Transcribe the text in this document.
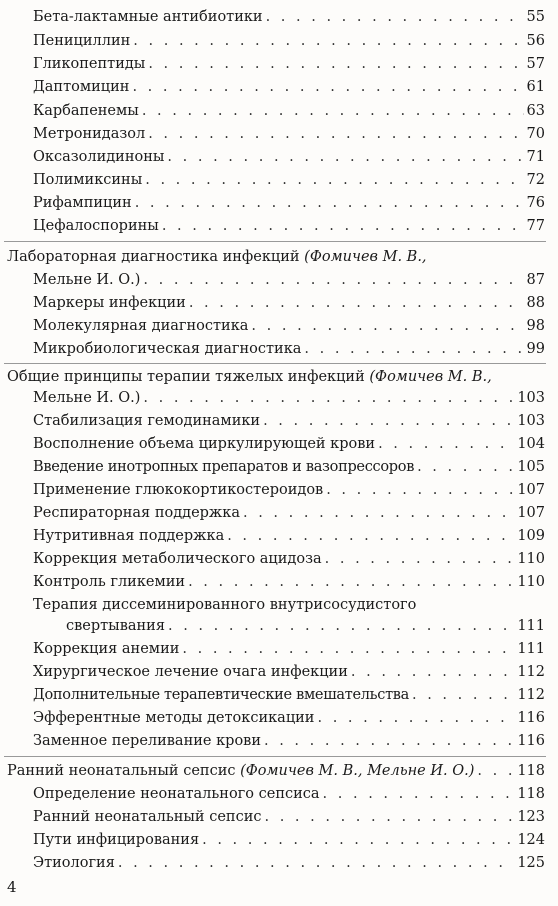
Бета-лактамные антибиотики . . .	55
Пенициллин . . .	56
Гликопептиды . . .	57
Даптомицин . . .	61
Карбапенемы . . .	63
Метронидазол . . .	70
Оксазолидиноны . . .	71
Полимиксины . . .	72
Рифампицин . . .	76
Цефалоспорины . . .	77
Лабораторная диагностика инфекций (Фомичев М. В.,
Мельне И. О.) . . .	87
Маркеры инфекции . . .	88
Молекулярная диагностика . . .	98
Микробиологическая диагностика . . .	99
Общие принципы терапии тяжелых инфекций (Фомичев М. В.,
Мельне И. О.) . . .	103
Стабилизация гемодинамики . . .	103
Восполнение объема циркулирующей крови . . .	104
Введение инотропных препаратов и вазопрессоров . . .	105
Применение глюкокортикостероидов . . .	107
Респираторная поддержка . . .	107
Нутритивная поддержка . . .	109
Коррекция метаболического ацидоза . . .	110
Контроль гликемии . . .	110
Терапия диссеминированного внутрисосудистого
свертывания . . .	111
Коррекция анемии . . .	111
Хирургическое лечение очага инфекции . . .	112
Дополнительные терапевтические вмешательства . . .	112
Эфферентные методы детоксикации . . .	116
Заменное переливание крови . . .	116
Ранний неонатальный сепсис (Фомичев М. В., Мельне И. О.) . . .	118
Определение неонатального сепсиса . . .	118
Ранний неонатальный сепсис . . .	123
Пути инфицирования . . .	124
Этиология . . .	125
4
